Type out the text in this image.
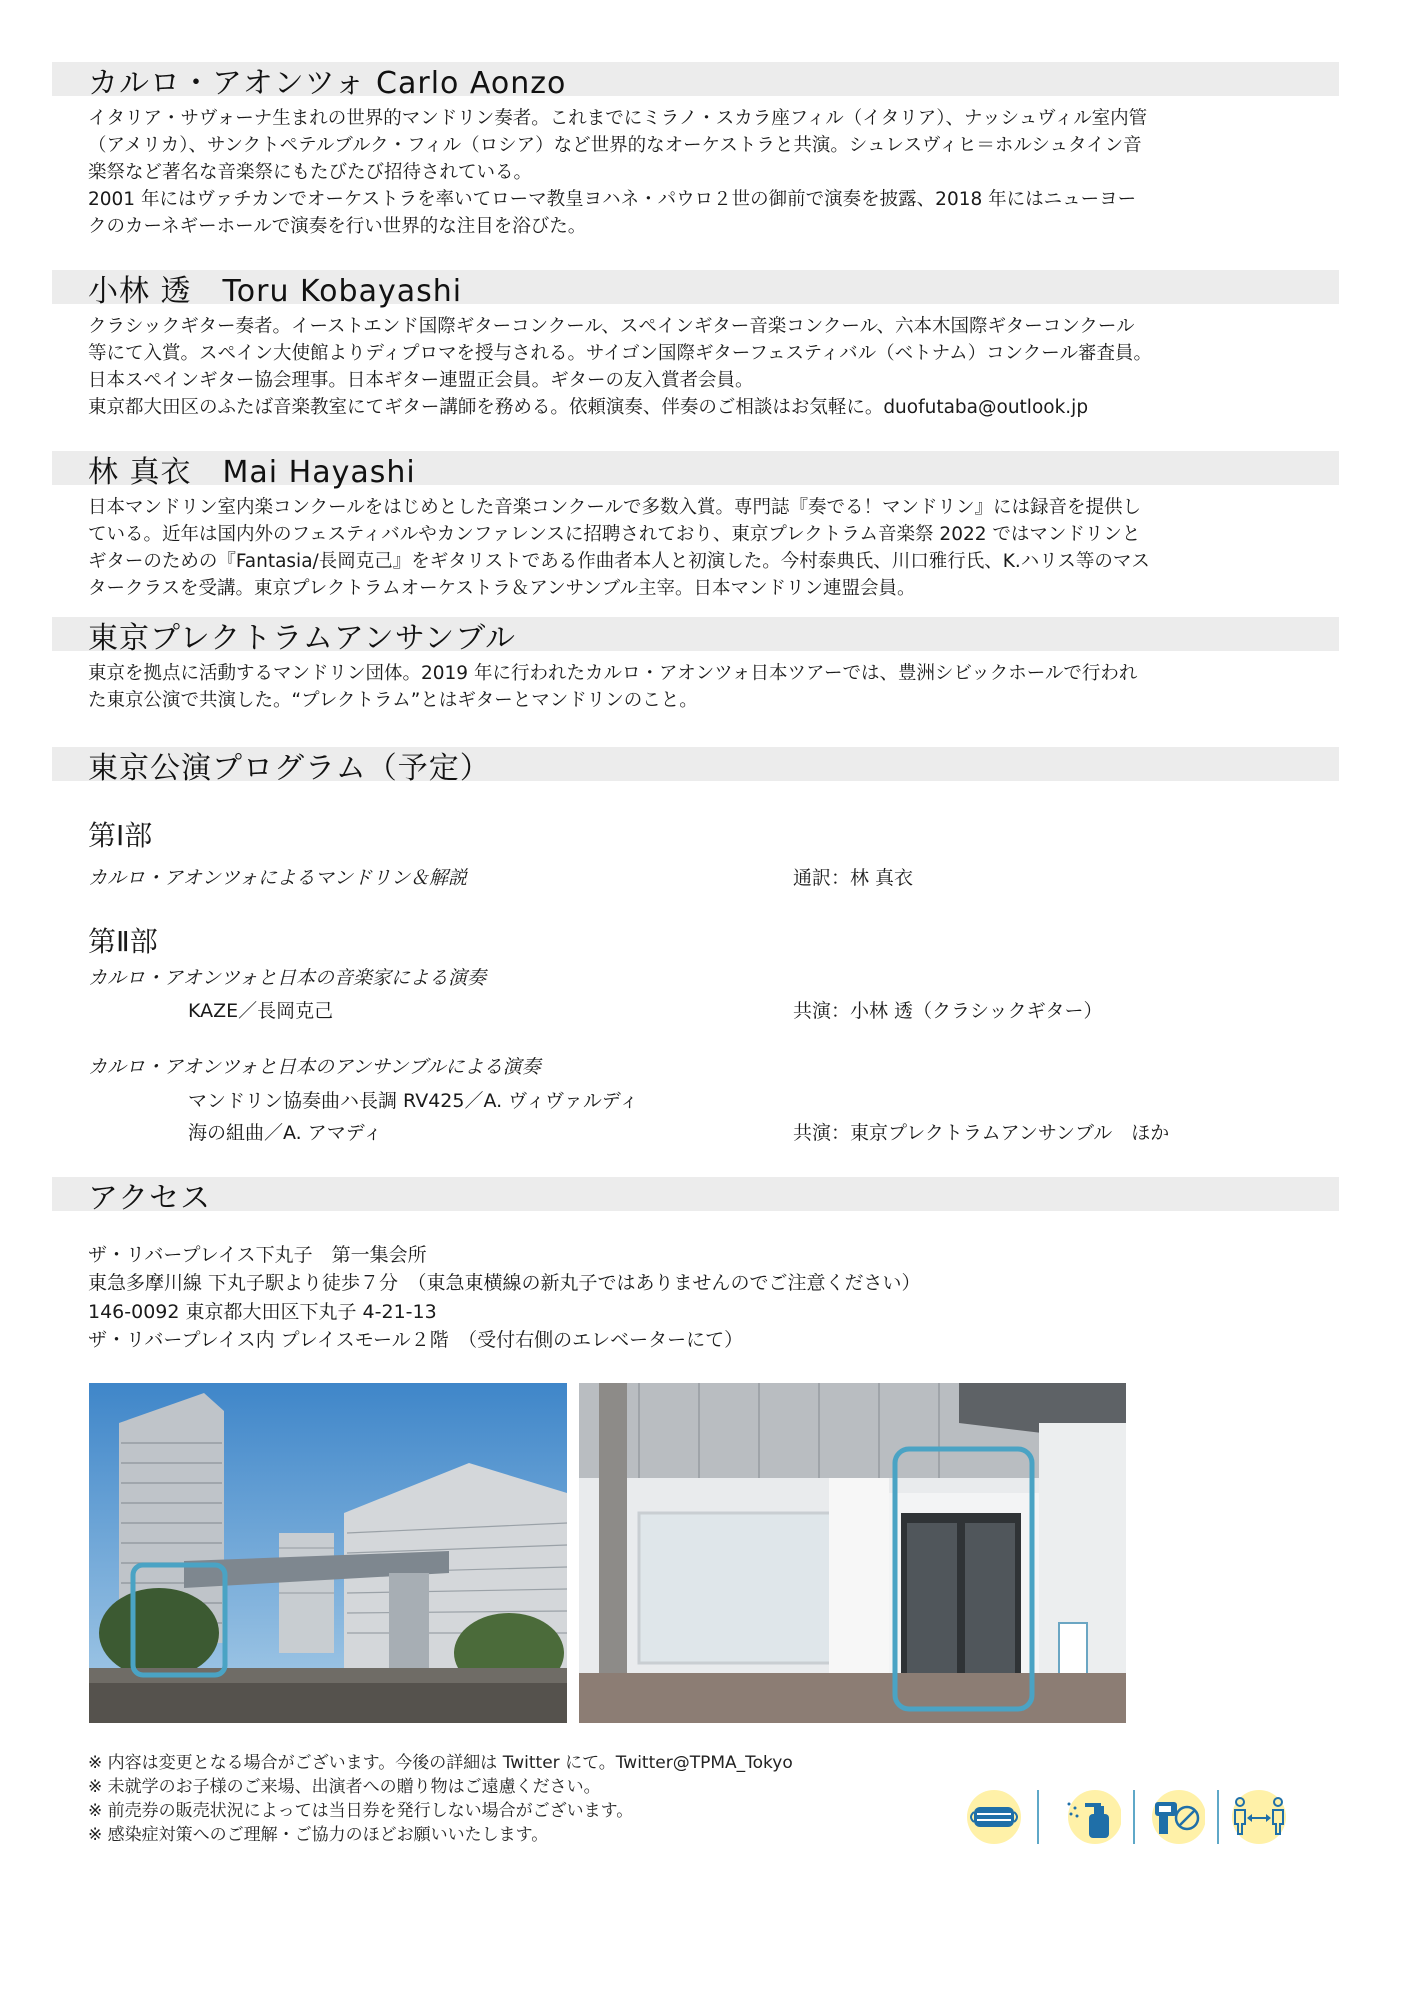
カルロ・アオンツォ Carlo Aonzo
イタリア・サヴォーナ生まれの世界的マンドリン奏者。これまでにミラノ・スカラ座フィル（イタリア）、ナッシュヴィル室内管
（アメリカ）、サンクトペテルブルク・フィル（ロシア）など世界的なオーケストラと共演。シュレスヴィヒ＝ホルシュタイン音
楽祭など著名な音楽祭にもたびたび招待されている。
2001 年にはヴァチカンでオーケストラを率いてローマ教皇ヨハネ・パウロ２世の御前で演奏を披露、2018 年にはニューヨー
クのカーネギーホールで演奏を行い世界的な注目を浴びた。
小林 透　Toru Kobayashi
クラシックギター奏者。イーストエンド国際ギターコンクール、スペインギター音楽コンクール、六本木国際ギターコンクール
等にて入賞。スペイン大使館よりディプロマを授与される。サイゴン国際ギターフェスティバル（ベトナム）コンクール審査員。
日本スペインギター協会理事。日本ギター連盟正会員。ギターの友入賞者会員。
東京都大田区のふたば音楽教室にてギター講師を務める。依頼演奏、伴奏のご相談はお気軽に。duofutaba@outlook.jp
林 真衣　Mai Hayashi
日本マンドリン室内楽コンクールをはじめとした音楽コンクールで多数入賞。専門誌『奏でる！マンドリン』には録音を提供し
ている。近年は国内外のフェスティバルやカンファレンスに招聘されており、東京プレクトラム音楽祭 2022 ではマンドリンと
ギターのための『Fantasia/長岡克己』をギタリストである作曲者本人と初演した。今村泰典氏、川口雅行氏、K.ハリス等のマス
タークラスを受講。東京プレクトラムオーケストラ＆アンサンブル主宰。日本マンドリン連盟会員。
東京プレクトラムアンサンブル
東京を拠点に活動するマンドリン団体。2019 年に行われたカルロ・アオンツォ日本ツアーでは、豊洲シビックホールで行われ
た東京公演で共演した。“プレクトラム”とはギターとマンドリンのこと。
東京公演プログラム（予定）
第Ⅰ部
カルロ・アオンツォによるマンドリン＆解説	通訳：林 真衣
第Ⅱ部
カルロ・アオンツォと日本の音楽家による演奏
KAZE／長岡克己	共演：小林 透（クラシックギター）
カルロ・アオンツォと日本のアンサンブルによる演奏
マンドリン協奏曲ハ長調 RV425／A. ヴィヴァルディ
海の組曲／A. アマディ	共演：東京プレクトラムアンサンブル　ほか
アクセス
ザ・リバープレイス下丸子　第一集会所
東急多摩川線 下丸子駅より徒歩７分　（東急東横線の新丸子ではありませんのでご注意ください）
146-0092 東京都大田区下丸子 4-21-13
ザ・リバープレイス内 プレイスモール２階　（受付右側のエレベーターにて）
※ 内容は変更となる場合がございます。今後の詳細は Twitter にて。Twitter@TPMA_Tokyo
※ 未就学のお子様のご来場、出演者への贈り物はご遠慮ください。
※ 前売券の販売状況によっては当日券を発行しない場合がございます。
※ 感染症対策へのご理解・ご協力のほどお願いいたします。
